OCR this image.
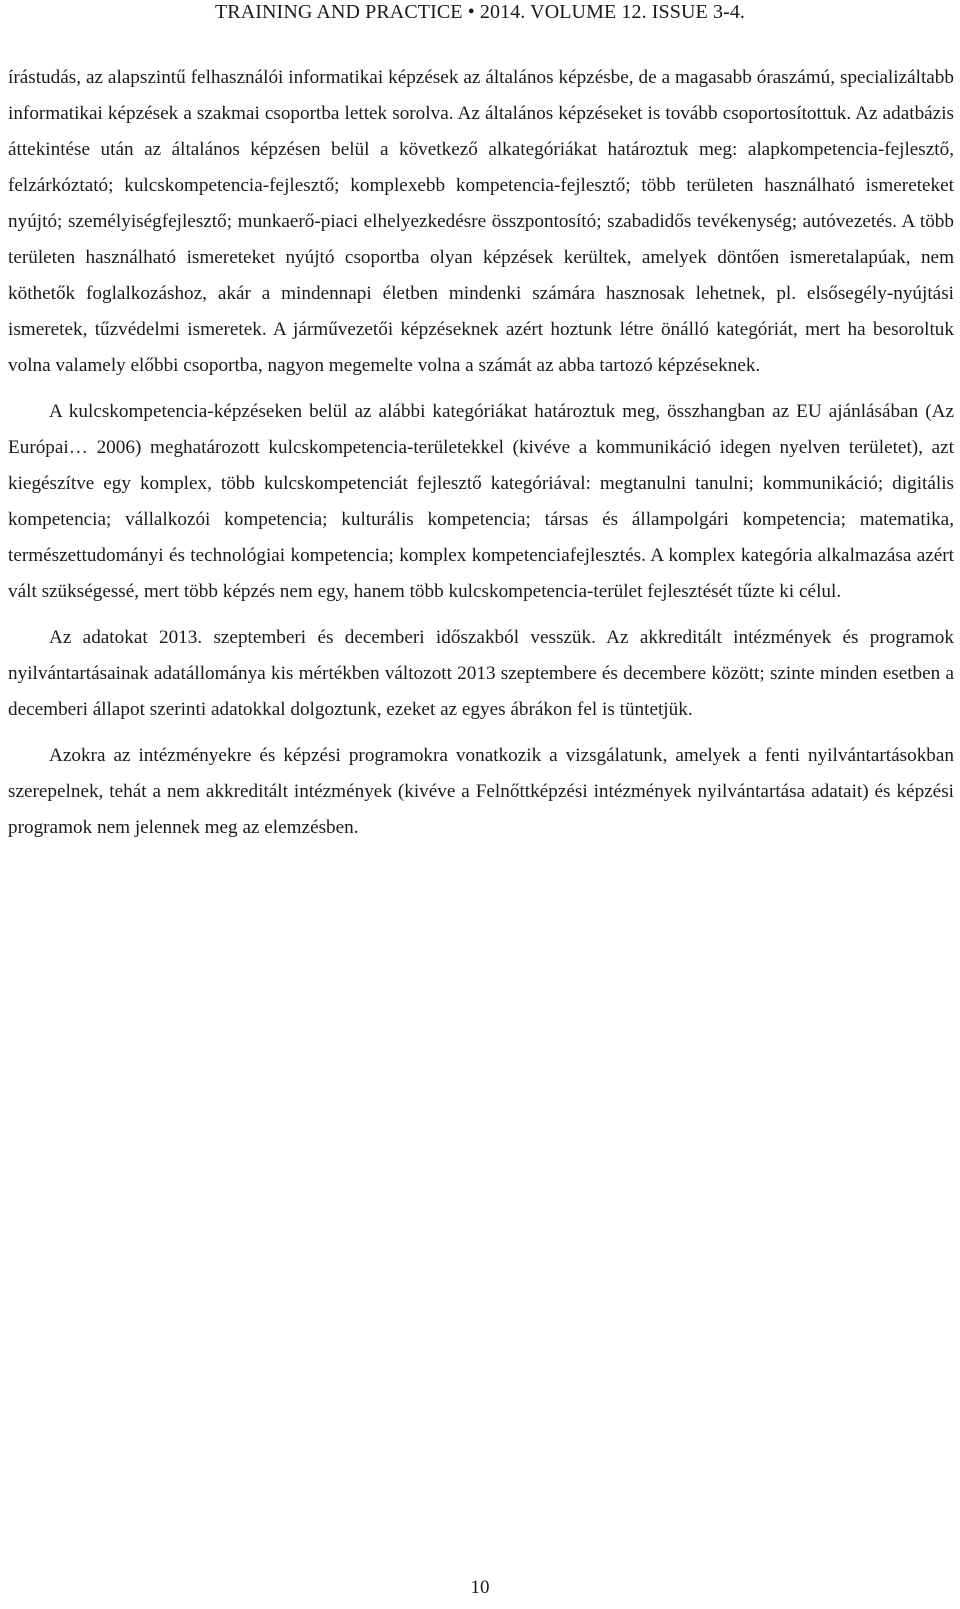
TRAINING AND PRACTICE • 2014. VOLUME 12. ISSUE 3-4.

írástudás, az alapszintű felhasználói informatikai képzések az általános képzésbe, de a magasabb óraszámú, specializáltabb informatikai képzések a szakmai csoportba lettek sorolva. Az általános képzéseket is tovább csoportosítottuk. Az adatbázis áttekintése után az általános képzésen belül a következő alkategóriákat határoztuk meg: alapkompetencia-fejlesztő, felzárkóztató; kulcskompetencia-fejlesztő; komplexebb kompetencia-fejlesztő; több területen használható ismereteket nyújtó; személyiségfejlesztő; munkaerő-piaci elhelyezkedésre összpontosító; szabadidős tevékenység; autóvezetés. A több területen használható ismereteket nyújtó csoportba olyan képzések kerültek, amelyek döntően ismeretalapúak, nem köthetők foglalkozáshoz, akár a mindennapi életben mindenki számára hasznosak lehetnek, pl. elsősegély-nyújtási ismeretek, tűzvédelmi ismeretek. A járművezetői képzéseknek azért hoztunk létre önálló kategóriát, mert ha besoroltuk volna valamely előbbi csoportba, nagyon megemelte volna a számát az abba tartozó képzéseknek.

A kulcskompetencia-képzéseken belül az alábbi kategóriákat határoztuk meg, összhangban az EU ajánlásában (Az Európai… 2006) meghatározott kulcskompetencia-területekkel (kivéve a kommunikáció idegen nyelven területet), azt kiegészítve egy komplex, több kulcskompetenciát fejlesztő kategóriával: megtanulni tanulni; kommunikáció; digitális kompetencia; vállalkozói kompetencia; kulturális kompetencia; társas és állampolgári kompetencia; matematika, természettudományi és technológiai kompetencia; komplex kompetenciafejlesztés. A komplex kategória alkalmazása azért vált szükségessé, mert több képzés nem egy, hanem több kulcskompetencia-terület fejlesztését tűzte ki célul.

Az adatokat 2013. szeptemberi és decemberi időszakból vesszük. Az akkreditált intézmények és programok nyilvántartásainak adatállománya kis mértékben változott 2013 szeptembere és decembere között; szinte minden esetben a decemberi állapot szerinti adatokkal dolgoztunk, ezeket az egyes ábrákon fel is tüntetjük.

Azokra az intézményekre és képzési programokra vonatkozik a vizsgálatunk, amelyek a fenti nyilvántartásokban szerepelnek, tehát a nem akkreditált intézmények (kivéve a Felnőttképzési intézmények nyilvántartása adatait) és képzési programok nem jelennek meg az elemzésben.

10
